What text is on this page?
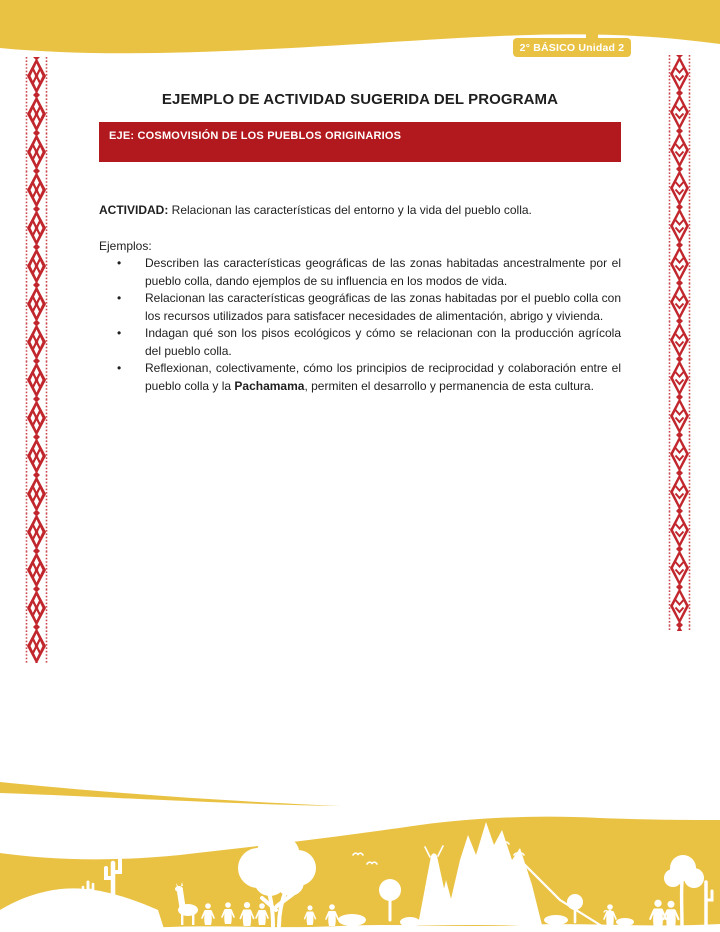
2° BÁSICO Unidad 2
EJEMPLO DE ACTIVIDAD SUGERIDA DEL PROGRAMA
EJE: COSMOVISIÓN DE LOS PUEBLOS ORIGINARIOS
ACTIVIDAD: Relacionan las características del entorno y la vida del pueblo colla.
Ejemplos:
• Describen las características geográficas de las zonas habitadas ancestralmente por el pueblo colla, dando ejemplos de su influencia en los modos de vida.
• Relacionan las características geográficas de las zonas habitadas por el pueblo colla con los recursos utilizados para satisfacer necesidades de alimentación, abrigo y vivienda.
• Indagan qué son los pisos ecológicos y cómo se relacionan con la producción agrícola del pueblo colla.
• Reflexionan, colectivamente, cómo los principios de reciprocidad y colaboración entre el pueblo colla y la Pachamama, permiten el desarrollo y permanencia de esta cultura.
